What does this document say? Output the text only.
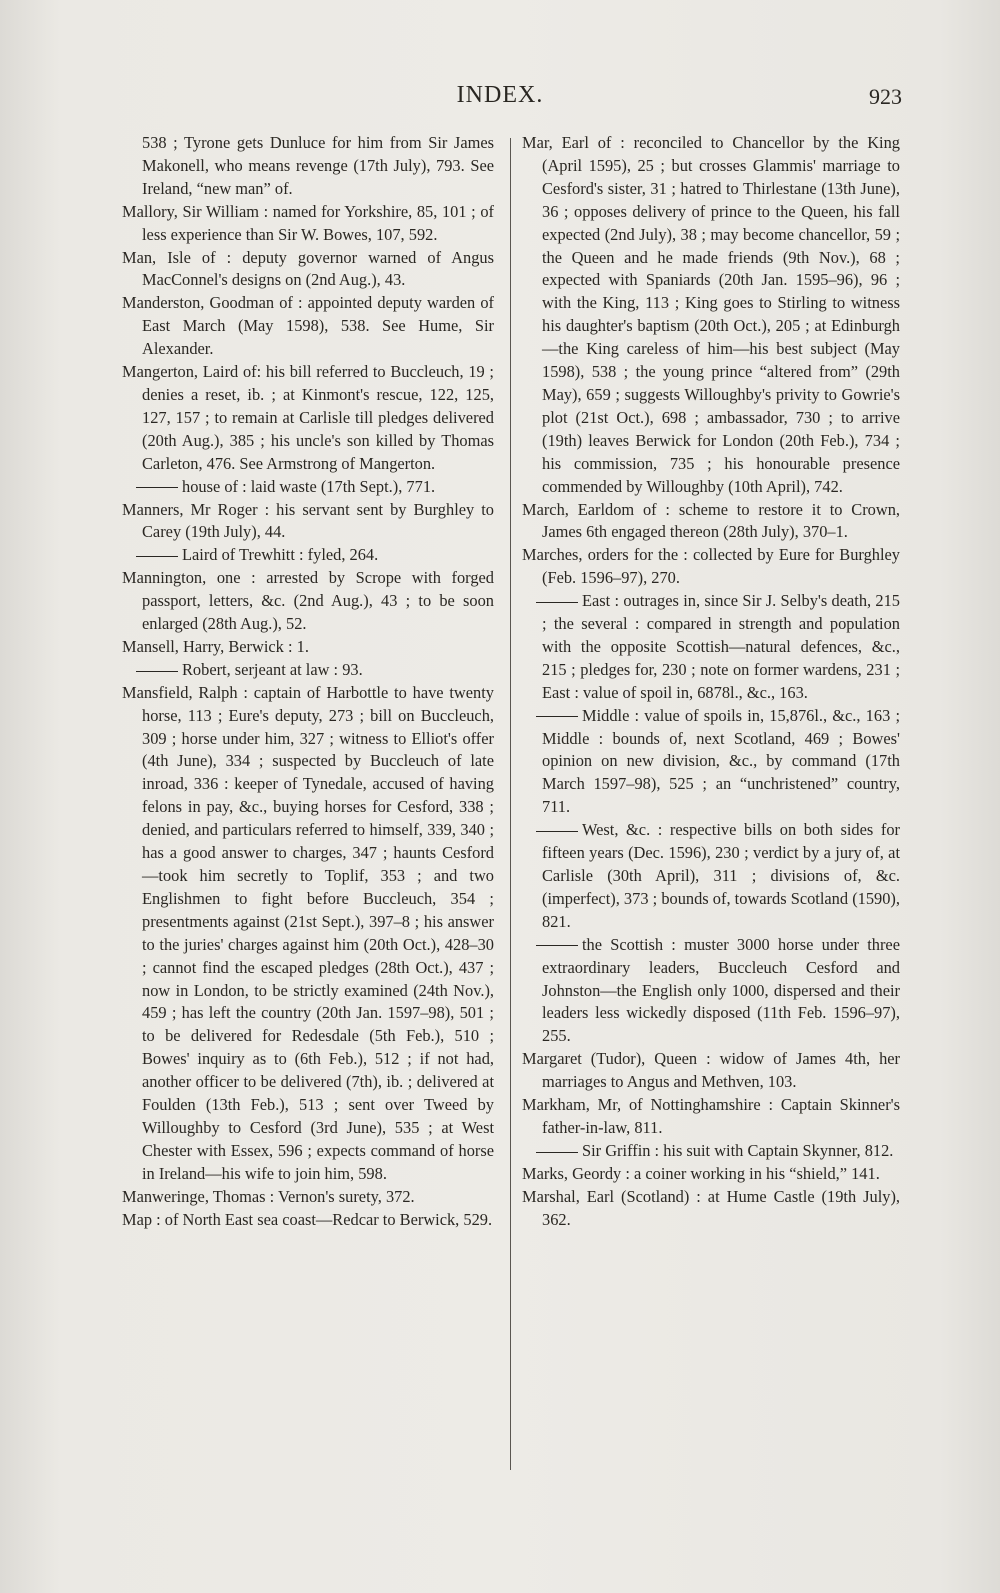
INDEX.	923
538 ; Tyrone gets Dunluce for him from Sir James Makonell, who means revenge (17th July), 793. See Ireland, “new man” of.
Mallory, Sir William : named for Yorkshire, 85, 101 ; of less experience than Sir W. Bowes, 107, 592.
Man, Isle of : deputy governor warned of Angus MacConnel's designs on (2nd Aug.), 43.
Manderston, Goodman of : appointed deputy warden of East March (May 1598), 538. See Hume, Sir Alexander.
Mangerton, Laird of: his bill referred to Buccleuch, 19 ; denies a reset, ib. ; at Kinmont's rescue, 122, 125, 127, 157 ; to remain at Carlisle till pledges delivered (20th Aug.), 385 ; his uncle's son killed by Thomas Carleton, 476. See Armstrong of Mangerton.
house of : laid waste (17th Sept.), 771.
Manners, Mr Roger : his servant sent by Burghley to Carey (19th July), 44.
Laird of Trewhitt : fyled, 264.
Mannington, one : arrested by Scrope with forged passport, letters, &c. (2nd Aug.), 43 ; to be soon enlarged (28th Aug.), 52.
Mansell, Harry, Berwick : 1.
Robert, serjeant at law : 93.
Mansfield, Ralph : captain of Harbottle to have twenty horse, 113 ; Eure's deputy, 273 ; bill on Buccleuch, 309 ; horse under him, 327 ; witness to Elliot's offer (4th June), 334 ; suspected by Buccleuch of late inroad, 336 : keeper of Tynedale, accused of having felons in pay, &c., buying horses for Cesford, 338 ; denied, and particulars referred to himself, 339, 340 ; has a good answer to charges, 347 ; haunts Cesford—took him secretly to Toplif, 353 ; and two Englishmen to fight before Buccleuch, 354 ; presentments against (21st Sept.), 397–8 ; his answer to the juries' charges against him (20th Oct.), 428–30 ; cannot find the escaped pledges (28th Oct.), 437 ; now in London, to be strictly examined (24th Nov.), 459 ; has left the country (20th Jan. 1597–98), 501 ; to be delivered for Redesdale (5th Feb.), 510 ; Bowes' inquiry as to (6th Feb.), 512 ; if not had, another officer to be delivered (7th), ib. ; delivered at Foulden (13th Feb.), 513 ; sent over Tweed by Willoughby to Cesford (3rd June), 535 ; at West Chester with Essex, 596 ; expects command of horse in Ireland—his wife to join him, 598.
Manweringe, Thomas : Vernon's surety, 372.
Map : of North East sea coast—Redcar to Berwick, 529.
Mar, Earl of : reconciled to Chancellor by the King (April 1595), 25 ; but crosses Glammis' marriage to Cesford's sister, 31 ; hatred to Thirlestane (13th June), 36 ; opposes delivery of prince to the Queen, his fall expected (2nd July), 38 ; may become chancellor, 59 ; the Queen and he made friends (9th Nov.), 68 ; expected with Spaniards (20th Jan. 1595–96), 96 ; with the King, 113 ; King goes to Stirling to witness his daughter's baptism (20th Oct.), 205 ; at Edinburgh—the King careless of him—his best subject (May 1598), 538 ; the young prince “altered from” (29th May), 659 ; suggests Willoughby's privity to Gowrie's plot (21st Oct.), 698 ; ambassador, 730 ; to arrive (19th) leaves Berwick for London (20th Feb.), 734 ; his commission, 735 ; his honourable presence commended by Willoughby (10th April), 742.
March, Earldom of : scheme to restore it to Crown, James 6th engaged thereon (28th July), 370–1.
Marches, orders for the : collected by Eure for Burghley (Feb. 1596–97), 270.
East : outrages in, since Sir J. Selby's death, 215 ; the several : compared in strength and population with the opposite Scottish—natural defences, &c., 215 ; pledges for, 230 ; note on former wardens, 231 ; East : value of spoil in, 6878l., &c., 163.
Middle : value of spoils in, 15,876l., &c., 163 ; Middle : bounds of, next Scotland, 469 ; Bowes' opinion on new division, &c., by command (17th March 1597–98), 525 ; an “unchristened” country, 711.
West, &c. : respective bills on both sides for fifteen years (Dec. 1596), 230 ; verdict by a jury of, at Carlisle (30th April), 311 ; divisions of, &c. (imperfect), 373 ; bounds of, towards Scotland (1590), 821.
the Scottish : muster 3000 horse under three extraordinary leaders, Buccleuch Cesford and Johnston—the English only 1000, dispersed and their leaders less wickedly disposed (11th Feb. 1596–97), 255.
Margaret (Tudor), Queen : widow of James 4th, her marriages to Angus and Methven, 103.
Markham, Mr, of Nottinghamshire : Captain Skinner's father-in-law, 811.
Sir Griffin : his suit with Captain Skynner, 812.
Marks, Geordy : a coiner working in his “shield,” 141.
Marshal, Earl (Scotland) : at Hume Castle (19th July), 362.
